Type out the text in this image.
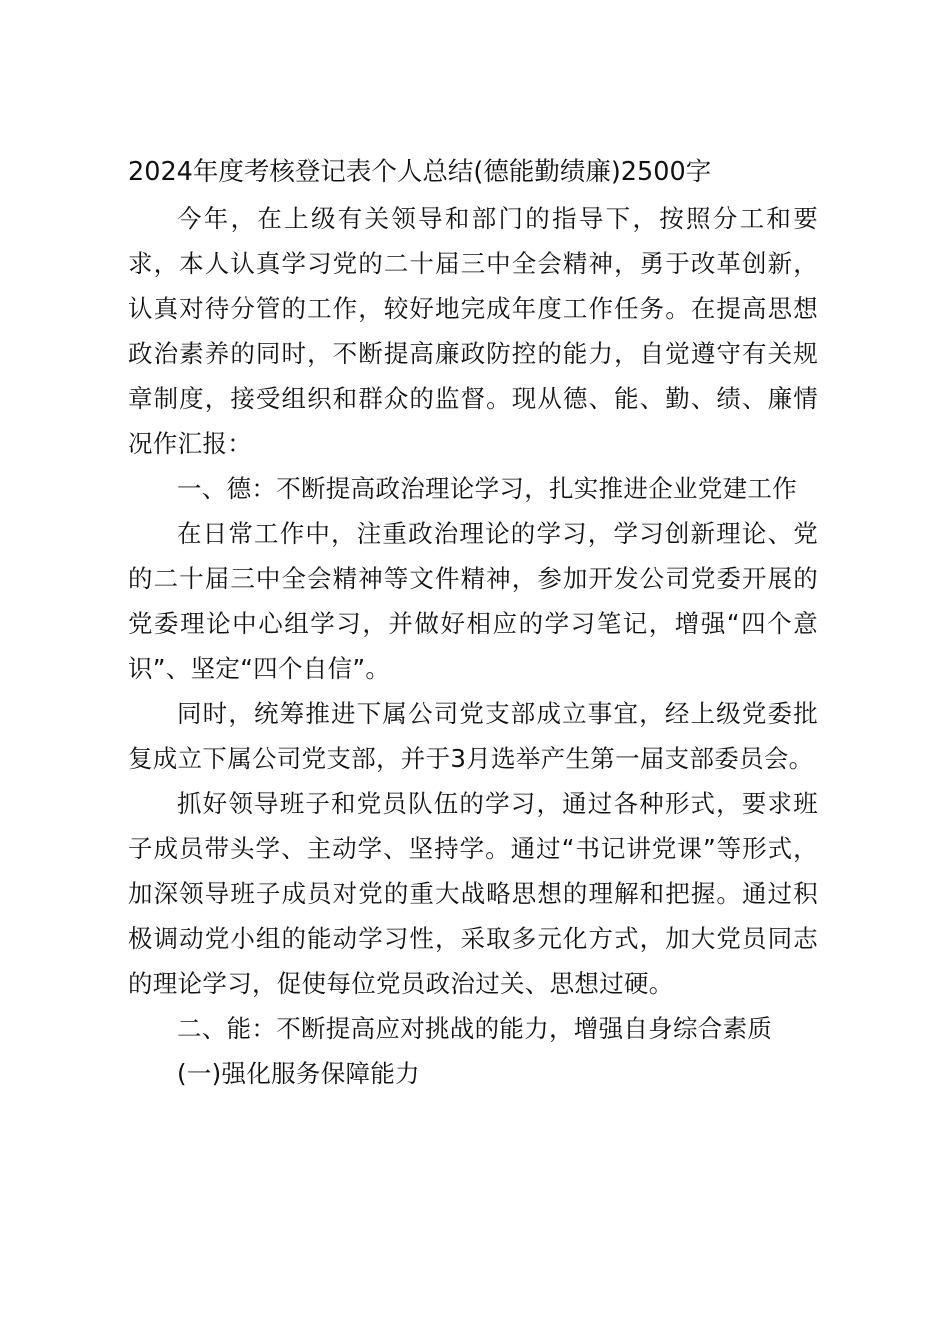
2024年度考核登记表个人总结(德能勤绩廉)2500字

今年，在上级有关领导和部门的指导下，按照分工和要求，本人认真学习党的二十届三中全会精神，勇于改革创新，认真对待分管的工作，较好地完成年度工作任务。在提高思想政治素养的同时，不断提高廉政防控的能力，自觉遵守有关规章制度，接受组织和群众的监督。现从德、能、勤、绩、廉情况作汇报：

一、德：不断提高政治理论学习，扎实推进企业党建工作

在日常工作中，注重政治理论的学习，学习创新理论、党的二十届三中全会精神等文件精神，参加开发公司党委开展的党委理论中心组学习，并做好相应的学习笔记，增强“四个意识”、坚定“四个自信”。

同时，统筹推进下属公司党支部成立事宜，经上级党委批复成立下属公司党支部，并于3月选举产生第一届支部委员会。

抓好领导班子和党员队伍的学习，通过各种形式，要求班子成员带头学、主动学、坚持学。通过“书记讲党课”等形式，加深领导班子成员对党的重大战略思想的理解和把握。通过积极调动党小组的能动学习性，采取多元化方式，加大党员同志的理论学习，促使每位党员政治过关、思想过硬。

二、能：不断提高应对挑战的能力，增强自身综合素质

(一)强化服务保障能力
